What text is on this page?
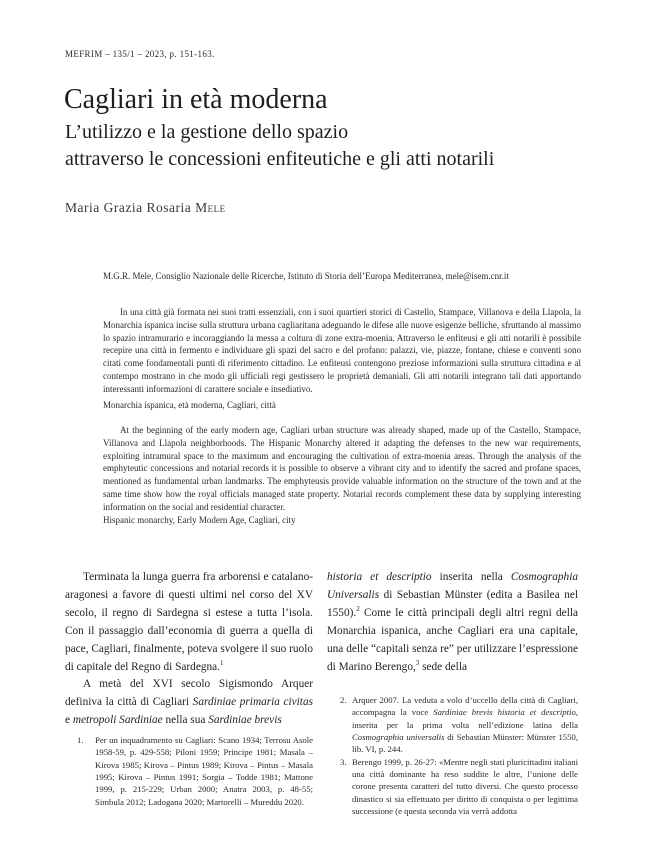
MEFRIM – 135/1 – 2023, p. 151-163.
Cagliari in età moderna
L’utilizzo e la gestione dello spazio
attraverso le concessioni enfiteutiche e gli atti notarili
Maria Grazia Rosaria Mele

M.G.R. Mele, Consiglio Nazionale delle Ricerche, Istituto di Storia dell’Europa Mediterranea, mele@isem.cnr.it

In una città già formata nei suoi tratti essenziali, con i suoi quartieri storici di Castello, Stampace, Villanova e della Llapola, la Monarchia ispanica incise sulla struttura urbana cagliaritana adeguando le difese alle nuove esigenze belliche, sfruttando al massimo lo spazio intramurario e incoraggiando la messa a coltura di zone extra-moenia. Attraverso le enfiteusi e gli atti notarili è possibile recepire una città in fermento e individuare gli spazi del sacro e del profano: palazzi, vie, piazze, fontane, chiese e conventi sono citati come fondamentali punti di riferimento cittadino. Le enfiteusi contengono preziose informazioni sulla struttura cittadina e al contempo mostrano in che modo gli ufficiali regi gestissero le proprietà demaniali. Gli atti notarili integrano tali dati apportando interessanti informazioni di carattere sociale e insediativo.

Monarchia ispanica, età moderna, Cagliari, città

At the beginning of the early modern age, Cagliari urban structure was already shaped, made up of the Castello, Stampace, Villanova and Llapola neighborhoods. The Hispanic Monarchy altered it adapting the defenses to the new war requirements, exploiting intramural space to the maximum and encouraging the cultivation of extra-moenia areas. Through the analysis of the emphyteutic concessions and notarial records it is possible to observe a vibrant city and to identify the sacred and profane spaces, mentioned as fundamental urban landmarks. The emphyteusis provide valuable information on the structure of the town and at the same time show how the royal officials managed state property. Notarial records complement these data by supplying interesting information on the social and residential character.

Hispanic monarchy, Early Modern Age, Cagliari, city

Terminata la lunga guerra fra arborensi e catalano-aragonesi a favore di questi ultimi nel corso del XV secolo, il regno di Sardegna si estese a tutta l’isola. Con il passaggio dall’economia di guerra a quella di pace, Cagliari, finalmente, poteva svolgere il suo ruolo di capitale del Regno di Sardegna.$^1$

A metà del XVI secolo Sigismondo Arquer definiva la città di Cagliari Sardiniae primaria civitas e metropoli Sardiniae nella sua Sardiniae brevis

historia et descriptio inserita nella Cosmographia Universalis di Sebastian Münster (edita a Basilea nel 1550).$^2$ Come le città principali degli altri regni della Monarchia ispanica, anche Cagliari era una capitale, una delle “capitali senza re” per utilizzare l’espressione di Marino Berengo,$^3$ sede della

1. Per un inquadramento su Cagliari: Scano 1934; Terrosu Asole 1958-59, p. 429-558; Piloni 1959; Principe 1981; Masala – Kirova 1985; Kirova – Pintus 1989; Kirova – Pintus – Masala 1995; Kirova – Pintus 1991; Sorgia – Todde 1981; Mattone 1999, p. 215-229; Urban 2000; Anatra 2003, p. 48-55; Simbula 2012; Ladogana 2020; Martorelli – Mureddu 2020.

2. Arquer 2007. La veduta a volo d’uccello della città di Cagliari, accompagna la voce Sardiniae brevis historia et descriptio, inserita per la prima volta nell’edizione latina della Cosmographia universalis di Sebastian Münster: Münster 1550, lib. VI, p. 244.

3. Berengo 1999, p. 26-27: «Mentre negli stati pluricittadini italiani una città dominante ha reso suddite le altre, l’unione delle corone presenta caratteri del tutto diversi. Che questo processo dinastico si sia effettuato per diritto di conquista o per legittima successione (e questa seconda via verrà addotta
